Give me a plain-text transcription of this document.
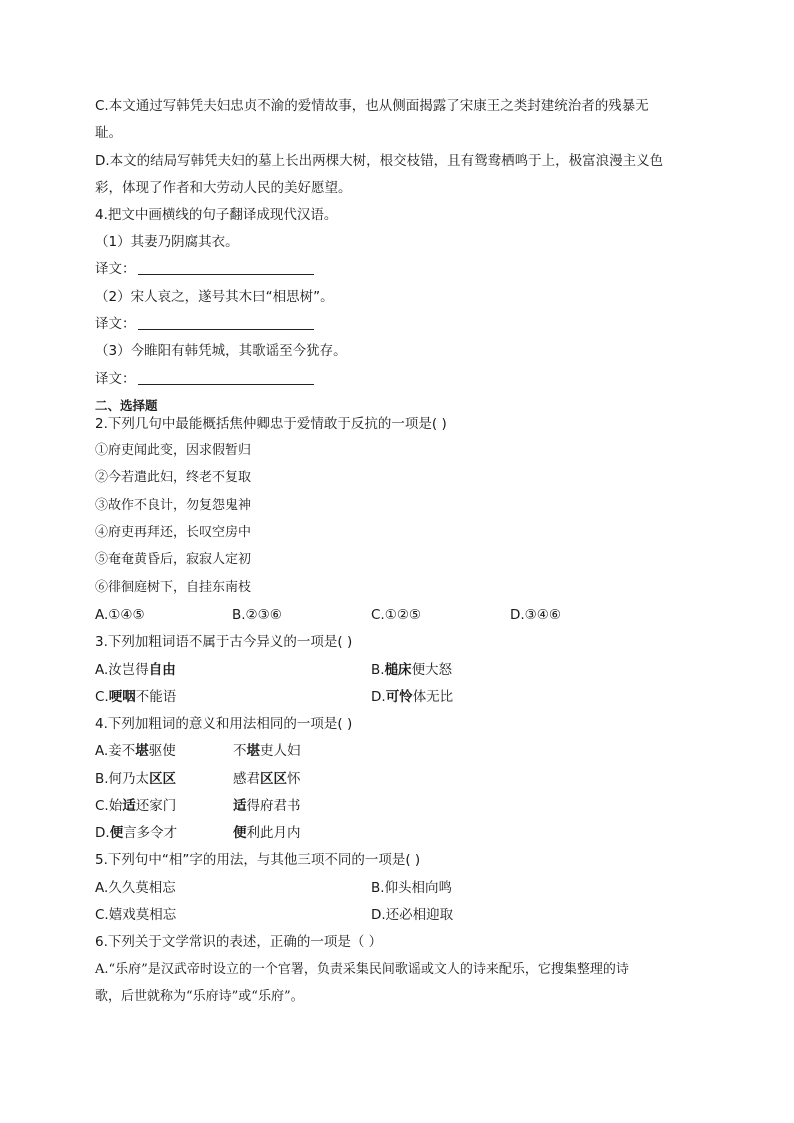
C.本文通过写韩凭夫妇忠贞不渝的爱情故事，也从侧面揭露了宋康王之类封建统治者的残暴无
耻。
D.本文的结局写韩凭夫妇的墓上长出两棵大树，根交枝错，且有鸳鸯栖鸣于上，极富浪漫主义色
彩，体现了作者和大劳动人民的美好愿望。
4.把文中画横线的句子翻译成现代汉语。
（1）其妻乃阴腐其衣。
译文：
（2）宋人哀之，遂号其木曰“相思树”。
译文：
（3）今睢阳有韩凭城，其歌谣至今犹存。
译文：
二、选择题
2.下列几句中最能概括焦仲卿忠于爱情敢于反抗的一项是( )
①府吏闻此变，因求假暂归
②今若遣此妇，终老不复取
③故作不良计，勿复怨鬼神
④府吏再拜还，长叹空房中
⑤奄奄黄昏后，寂寂人定初
⑥徘徊庭树下，自挂东南枝
A.①④⑤	B.②③⑥	C.①②⑤	D.③④⑥
3.下列加粗词语不属于古今异义的一项是( )
A.汝岂得自由	B.槌床便大怒
C.哽咽不能语	D.可怜体无比
4.下列加粗词的意义和用法相同的一项是( )
A.妾不堪驱使	不堪吏人妇
B.何乃太区区	感君区区怀
C.始适还家门	适得府君书
D.便言多令才	便利此月内
5.下列句中“相”字的用法，与其他三项不同的一项是( )
A.久久莫相忘	B.仰头相向鸣
C.嬉戏莫相忘	D.还必相迎取
6.下列关于文学常识的表述，正确的一项是（ ）
A.“乐府”是汉武帝时设立的一个官署，负责采集民间歌谣或文人的诗来配乐，它搜集整理的诗
歌，后世就称为“乐府诗”或“乐府”。
